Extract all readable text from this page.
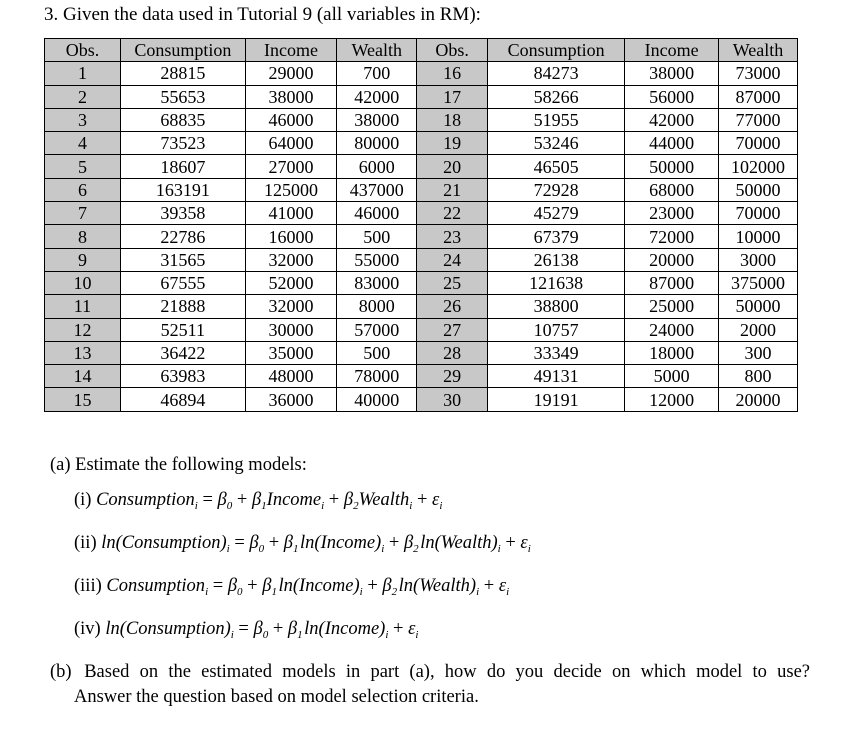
3. Given the data used in Tutorial 9 (all variables in RM):
Obs.	Consumption	Income	Wealth	Obs.	Consumption	Income	Wealth
1	28815	29000	700	16	84273	38000	73000
2	55653	38000	42000	17	58266	56000	87000
3	68835	46000	38000	18	51955	42000	77000
4	73523	64000	80000	19	53246	44000	70000
5	18607	27000	6000	20	46505	50000	102000
6	163191	125000	437000	21	72928	68000	50000
7	39358	41000	46000	22	45279	23000	70000
8	22786	16000	500	23	67379	72000	10000
9	31565	32000	55000	24	26138	20000	3000
10	67555	52000	83000	25	121638	87000	375000
11	21888	32000	8000	26	38800	25000	50000
12	52511	30000	57000	27	10757	24000	2000
13	36422	35000	500	28	33349	18000	300
14	63983	48000	78000	29	49131	5000	800
15	46894	36000	40000	30	19191	12000	20000
(a) Estimate the following models:
(i) Consumption$_i$ = $\beta_0$ + $\beta_1Income_i$ + $\beta_2Wealth_i + \varepsilon_i$
(ii) $\ln(Consumption)_i = \beta_0 + \beta_1$ $\ln(Income)_i + \beta_2$ $\ln(Wealth)_i + \varepsilon_i$
(iii) Consumption$_i$ = $\beta_0 + \beta_1$ $\ln(Income)_i + \beta_2$ $\ln(Wealth)_i + \varepsilon_i$
(iv) $\ln(Consumption)_i = \beta_0 + \beta_1$ $\ln(Income)_i + \varepsilon_i$
(b) Based on the estimated models in part (a), how do you decide on which model to use?
Answer the question based on model selection criteria.
